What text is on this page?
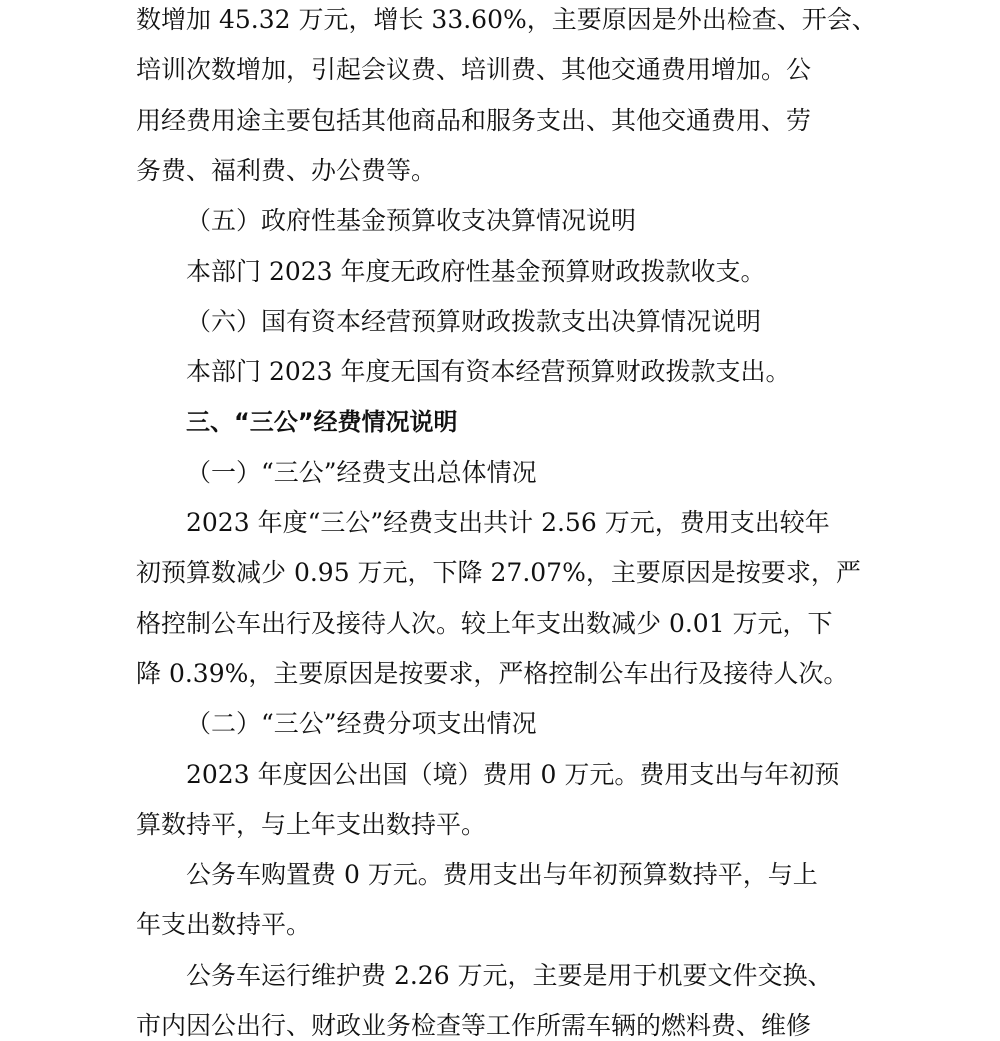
数增加 45.32 万元，增长 33.60%，主要原因是外出检查、开会、
培训次数增加，引起会议费、培训费、其他交通费用增加。公
用经费用途主要包括其他商品和服务支出、其他交通费用、劳
务费、福利费、办公费等。
（五）政府性基金预算收支决算情况说明
本部门 2023 年度无政府性基金预算财政拨款收支。
（六）国有资本经营预算财政拨款支出决算情况说明
本部门 2023 年度无国有资本经营预算财政拨款支出。
三、“三公”经费情况说明
（一）“三公”经费支出总体情况
2023 年度“三公”经费支出共计 2.56 万元，费用支出较年
初预算数减少 0.95 万元，下降 27.07%，主要原因是按要求，严
格控制公车出行及接待人次。较上年支出数减少 0.01 万元，下
降 0.39%，主要原因是按要求，严格控制公车出行及接待人次。
（二）“三公”经费分项支出情况
2023 年度因公出国（境）费用 0 万元。费用支出与年初预
算数持平，与上年支出数持平。
公务车购置费 0 万元。费用支出与年初预算数持平，与上
年支出数持平。
公务车运行维护费 2.26 万元，主要是用于机要文件交换、
市内因公出行、财政业务检查等工作所需车辆的燃料费、维修
